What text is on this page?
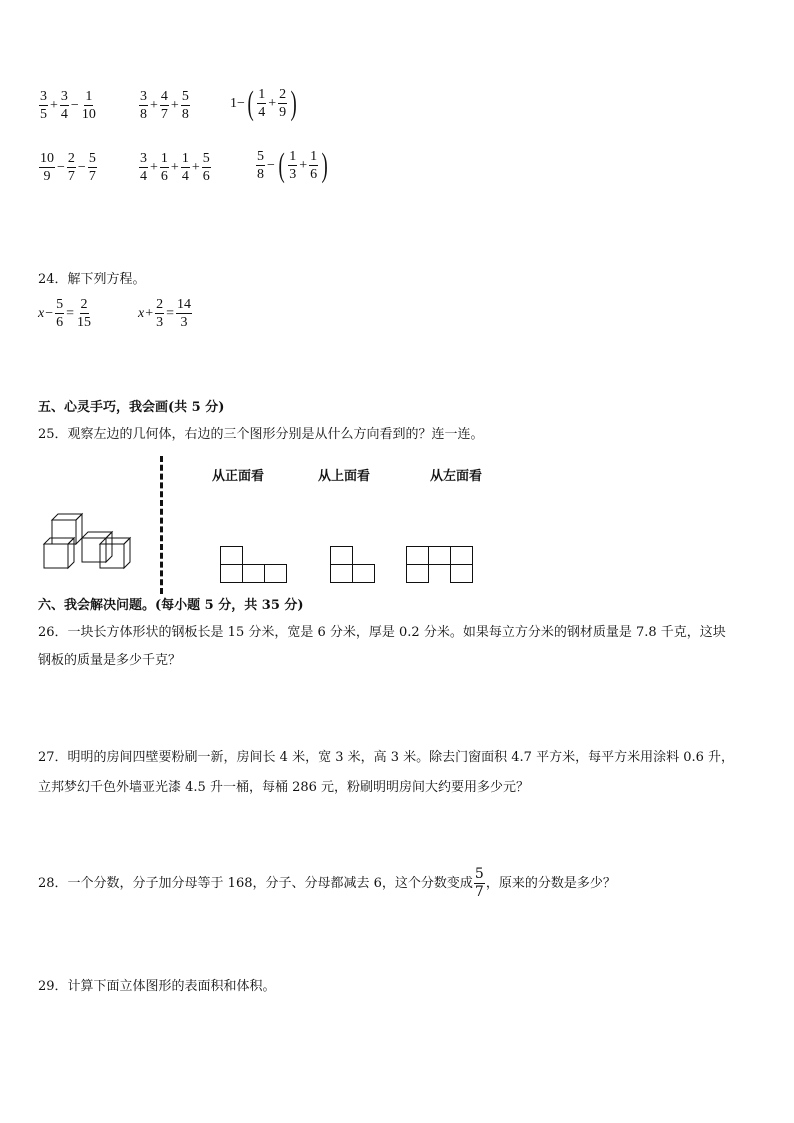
$\frac{3}{5} + \frac{3}{4} - \frac{1}{10}$	$\frac{3}{8} + \frac{4}{7} + \frac{5}{8}$	1− ( $\frac{1}{4} + \frac{2}{9}$ )
$\frac{10}{9} - \frac{2}{7} - \frac{5}{7}$	$\frac{3}{4} + \frac{1}{6} + \frac{1}{4} + \frac{5}{6}$	$\frac{5}{8}$ − ( $\frac{1}{3} + \frac{1}{6}$ )
24．解下列方程。
$x - \frac{5}{6} = \frac{2}{15}$	$x + \frac{2}{3} = \frac{14}{3}$
五、心灵手巧，我会画(共 5 分)
25．观察左边的几何体，右边的三个图形分别是从什么方向看到的？连一连。
从正面看	从上面看	从左面看
六、我会解决问题。(每小题 5 分，共 35 分)
26．一块长方体形状的钢板长是 15 分米，宽是 6 分米，厚是 0.2 分米。如果每立方分米的钢材质量是 7.8 千克，这块
钢板的质量是多少千克？
27．明明的房间四壁要粉刷一新，房间长 4 米，宽 3 米，高 3 米。除去门窗面积 4.7 平方米，每平方米用涂料 0.6 升，
立邦梦幻千色外墙亚光漆 4.5 升一桶，每桶 286 元，粉刷明明房间大约要用多少元？
28．一个分数，分子加分母等于 168，分子、分母都减去 6，这个分数变成 $\frac{5}{7}$ ，原来的分数是多少？
29．计算下面立体图形的表面积和体积。
